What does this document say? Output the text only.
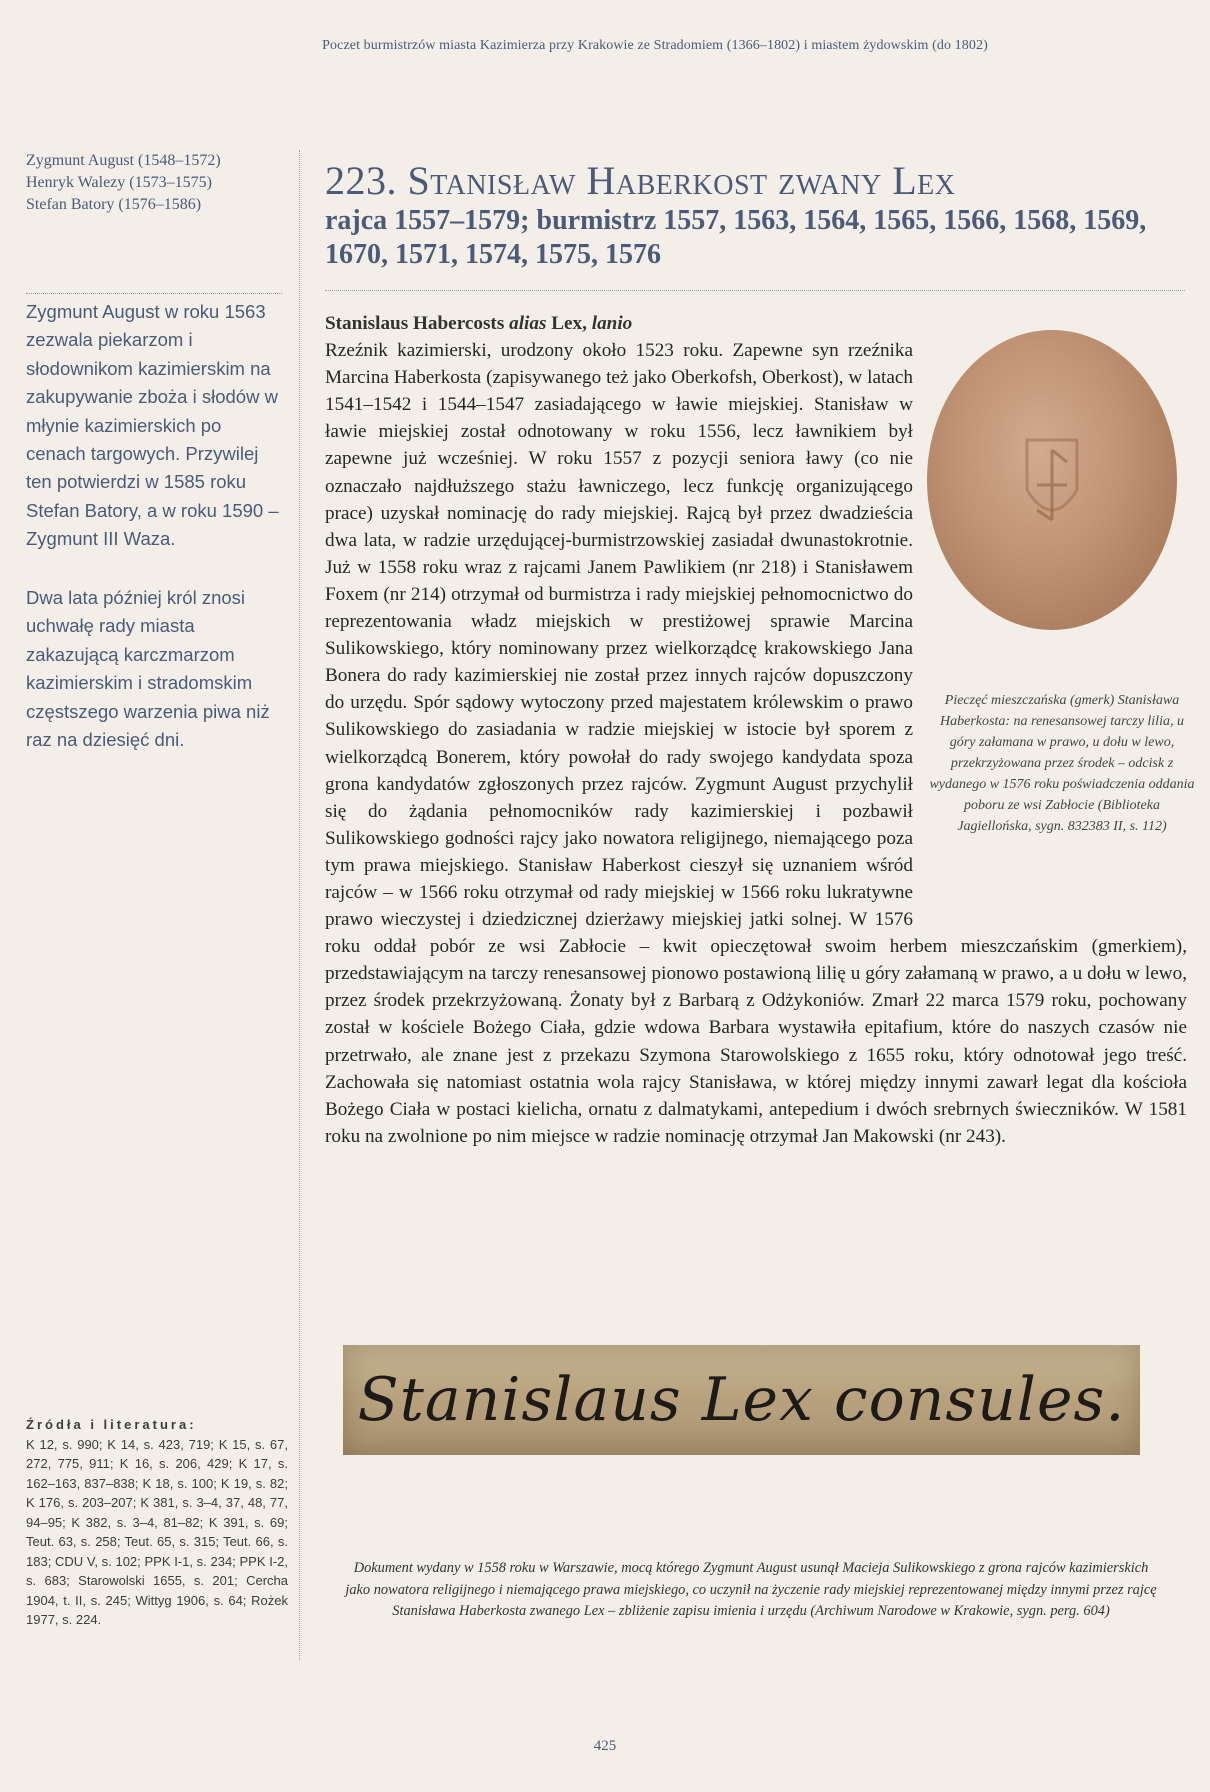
Poczet burmistrzów miasta Kazimierza przy Krakowie ze Stradomiem (1366–1802) i miastem żydowskim (do 1802)
Zygmunt August (1548–1572)
Henryk Walezy (1573–1575)
Stefan Batory (1576–1586)
Zygmunt August w roku 1563 zezwala piekarzom i słodownikom kazimierskim na zakupywanie zboża i słodów w młynie kazimierskich po cenach targowych. Przywilej ten potwierdzi w 1585 roku Stefan Batory, a w roku 1590 – Zygmunt III Waza.
Dwa lata później król znosi uchwałę rady miasta zakazującą karczmarzom kazimierskim i stradomskim częstszego warzenia piwa niż raz na dziesięć dni.
223. Stanisław Haberkost zwany Lex
rajca 1557–1579; burmistrz 1557, 1563, 1564, 1565, 1566, 1568, 1569, 1670, 1571, 1574, 1575, 1576
Pieczęć mieszczańska (gmerk) Stanisława Haberkosta: na renesansowej tarczy lilia, u góry załamana w prawo, u dołu w lewo, przekrzyżowana przez środek – odcisk z wydanego w 1576 roku poświadczenia oddania poboru ze wsi Zabłocie (Biblioteka Jagiellońska, sygn. 832383 II, s. 112)
Stanislaus Habercosts alias Lex, lanio
Rzeźnik kazimierski, urodzony około 1523 roku. Zapewne syn rzeźnika Marcina Haberkosta (zapisywanego też jako Oberkofsh, Oberkost), w latach 1541–1542 i 1544–1547 zasiadającego w ławie miejskiej. Stanisław w ławie miejskiej został odnotowany w roku 1556, lecz ławnikiem był zapewne już wcześniej. W roku 1557 z pozycji seniora ławy (co nie oznaczało najdłuższego stażu ławniczego, lecz funkcję organizującego prace) uzyskał nominację do rady miejskiej. Rajcą był przez dwadzieścia dwa lata, w radzie urzędującej-burmistrzowskiej zasiadał dwunastokrotnie. Już w 1558 roku wraz z rajcami Janem Pawlikiem (nr 218) i Stanisławem Foxem (nr 214) otrzymał od burmistrza i rady miejskiej pełnomocnictwo do reprezentowania władz miejskich w prestiżowej sprawie Marcina Sulikowskiego, który nominowany przez wielkorządcę krakowskiego Jana Bonera do rady kazimierskiej nie został przez innych rajców dopuszczony do urzędu. Spór sądowy wytoczony przed majestatem królewskim o prawo Sulikowskiego do zasiadania w radzie miejskiej w istocie był sporem z wielkorządcą Bonerem, który powołał do rady swojego kandydata spoza grona kandydatów zgłoszonych przez rajców. Zygmunt August przychylił się do żądania pełnomocników rady kazimierskiej i pozbawił Sulikowskiego godności rajcy jako nowatora religijnego, niemającego poza tym prawa miejskiego. Stanisław Haberkost cieszył się uznaniem wśród rajców – w 1566 roku otrzymał od rady miejskiej w 1566 roku lukratywne prawo wieczystej i dziedzicznej dzierżawy miejskiej jatki solnej. W 1576 roku oddał pobór ze wsi Zabłocie – kwit opieczętował swoim herbem mieszczańskim (gmerkiem), przedstawiającym na tarczy renesansowej pionowo postawioną lilię u góry załamaną w prawo, a u dołu w lewo, przez środek przekrzyżowaną. Żonaty był z Barbarą z Odżykoniów. Zmarł 22 marca 1579 roku, pochowany został w kościele Bożego Ciała, gdzie wdowa Barbara wystawiła epitafium, które do naszych czasów nie przetrwało, ale znane jest z przekazu Szymona Starowolskiego z 1655 roku, który odnotował jego treść. Zachowała się natomiast ostatnia wola rajcy Stanisława, w której między innymi zawarł legat dla kościoła Bożego Ciała w postaci kielicha, ornatu z dalmatykami, antepedium i dwóch srebrnych świeczników. W 1581 roku na zwolnione po nim miejsce w radzie nominację otrzymał Jan Makowski (nr 243).
Stanislaus Lex consules.
Dokument wydany w 1558 roku w Warszawie, mocą którego Zygmunt August usunął Macieja Sulikowskiego z grona rajców kazimierskich jako nowatora religijnego i niemającego prawa miejskiego, co uczynił na życzenie rady miejskiej reprezentowanej między innymi przez rajcę Stanisława Haberkosta zwanego Lex – zbliżenie zapisu imienia i urzędu (Archiwum Narodowe w Krakowie, sygn. perg. 604)
Źródła i literatura:
K 12, s. 990; K 14, s. 423, 719; K 15, s. 67, 272, 775, 911; K 16, s. 206, 429; K 17, s. 162–163, 837–838; K 18, s. 100; K 19, s. 82; K 176, s. 203–207; K 381, s. 3–4, 37, 48, 77, 94–95; K 382, s. 3–4, 81–82; K 391, s. 69; Teut. 63, s. 258; Teut. 65, s. 315; Teut. 66, s. 183; CDU V, s. 102; PPK I-1, s. 234; PPK I-2, s. 683; Starowolski 1655, s. 201; Cercha 1904, t. II, s. 245; Wittyg 1906, s. 64; Rożek 1977, s. 224.
425
